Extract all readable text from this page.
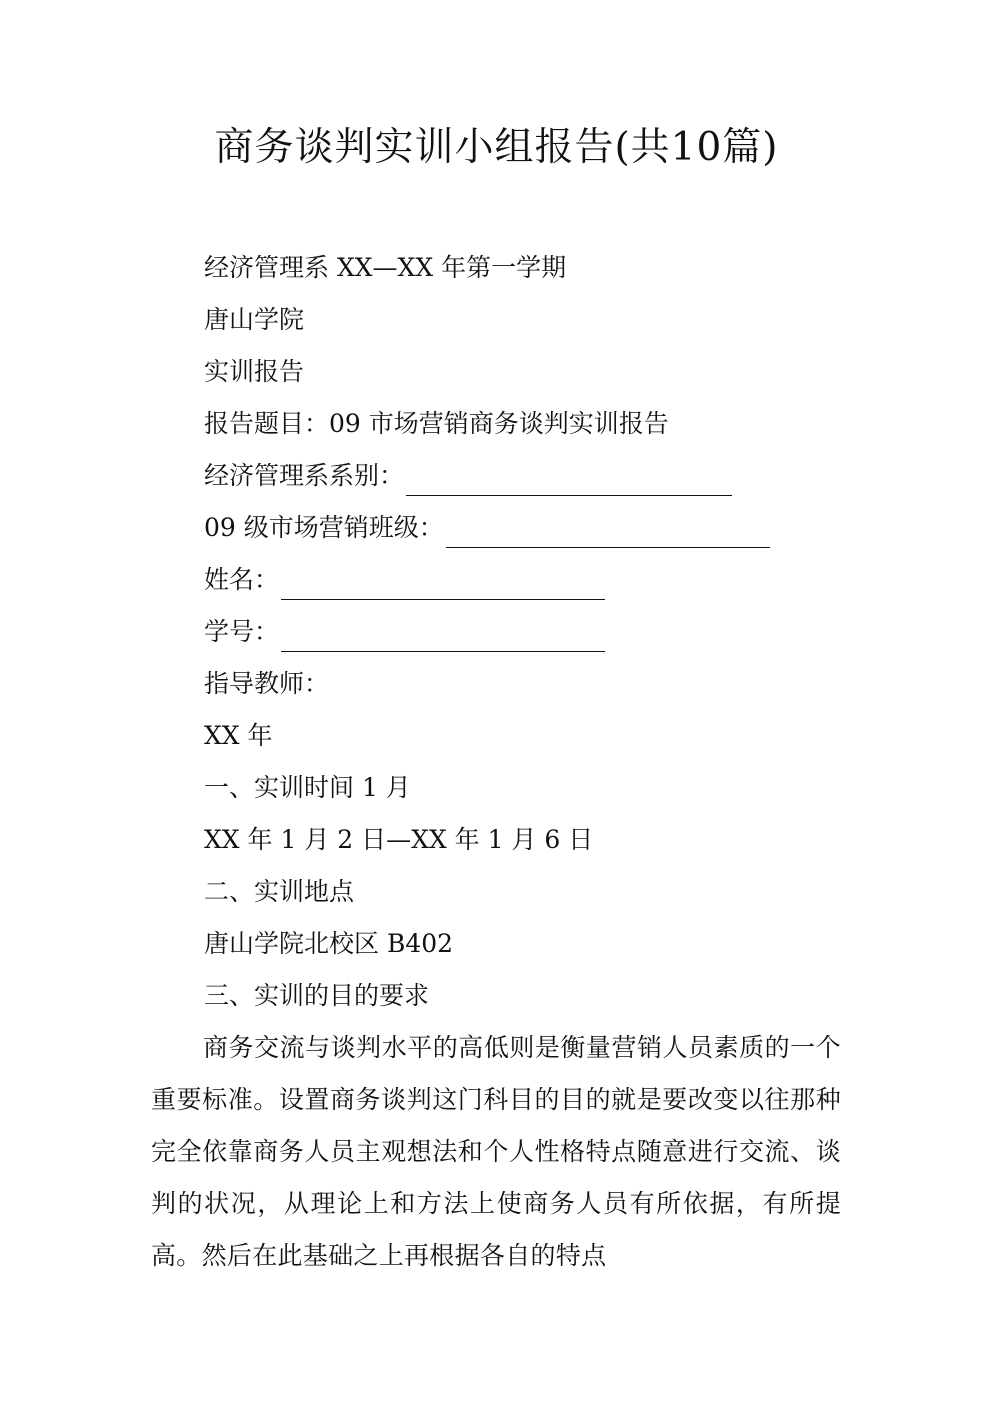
商务谈判实训小组报告(共10篇)
经济管理系 XX—XX 年第一学期
唐山学院
实训报告
报告题目：09 市场营销商务谈判实训报告
经济管理系系别：
09 级市场营销班级：
姓名：
学号：
指导教师：
XX 年
一、实训时间 1 月
XX 年 1 月 2 日—XX 年 1 月 6 日
二、实训地点
唐山学院北校区 B402
三、实训的目的要求
商务交流与谈判水平的高低则是衡量营销人员素质的一个重要标准。设置商务谈判这门科目的目的就是要改变以往那种完全依靠商务人员主观想法和个人性格特点随意进行交流、谈判的状况，从理论上和方法上使商务人员有所依据，有所提高。然后在此基础之上再根据各自的特点
